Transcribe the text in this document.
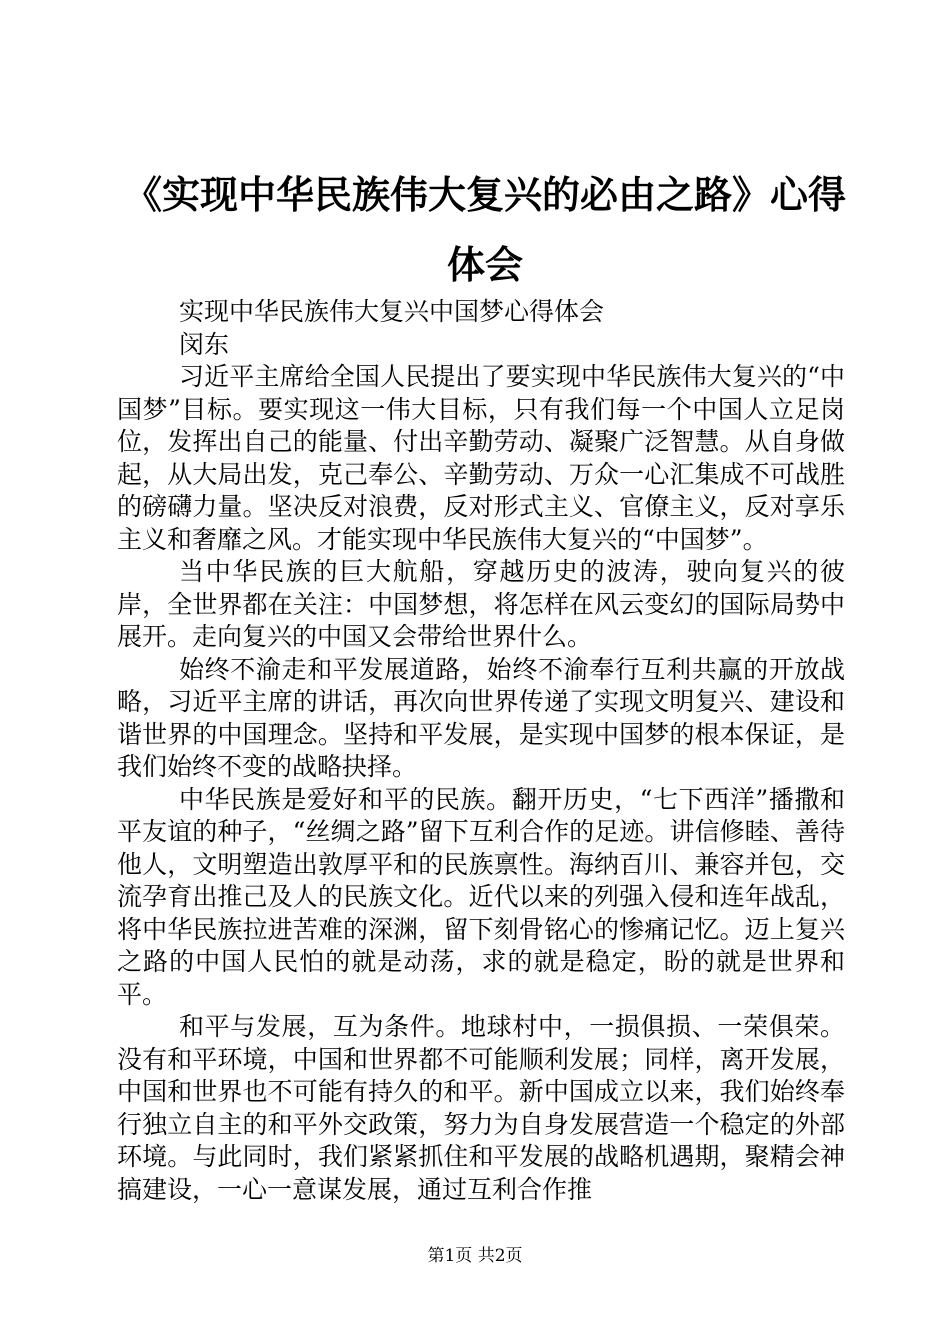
《实现中华民族伟大复兴的必由之路》心得体会

实现中华民族伟大复兴中国梦心得体会

闵东

习近平主席给全国人民提出了要实现中华民族伟大复兴的“中国梦”目标。要实现这一伟大目标，只有我们每一个中国人立足岗位，发挥出自己的能量、付出辛勤劳动、凝聚广泛智慧。从自身做起，从大局出发，克己奉公、辛勤劳动、万众一心汇集成不可战胜的磅礴力量。坚决反对浪费，反对形式主义、官僚主义，反对享乐主义和奢靡之风。才能实现中华民族伟大复兴的“中国梦”。

当中华民族的巨大航船，穿越历史的波涛，驶向复兴的彼岸，全世界都在关注：中国梦想，将怎样在风云变幻的国际局势中展开。走向复兴的中国又会带给世界什么。

始终不渝走和平发展道路，始终不渝奉行互利共赢的开放战略，习近平主席的讲话，再次向世界传递了实现文明复兴、建设和谐世界的中国理念。坚持和平发展，是实现中国梦的根本保证，是我们始终不变的战略抉择。

中华民族是爱好和平的民族。翻开历史，“七下西洋”播撒和平友谊的种子，“丝绸之路”留下互利合作的足迹。讲信修睦、善待他人，文明塑造出敦厚平和的民族禀性。海纳百川、兼容并包，交流孕育出推己及人的民族文化。近代以来的列强入侵和连年战乱，将中华民族拉进苦难的深渊，留下刻骨铭心的惨痛记忆。迈上复兴之路的中国人民怕的就是动荡，求的就是稳定，盼的就是世界和平。

和平与发展，互为条件。地球村中，一损俱损、一荣俱荣。没有和平环境，中国和世界都不可能顺利发展；同样，离开发展，中国和世界也不可能有持久的和平。新中国成立以来，我们始终奉行独立自主的和平外交政策，努力为自身发展营造一个稳定的外部环境。与此同时，我们紧紧抓住和平发展的战略机遇期，聚精会神搞建设，一心一意谋发展，通过互利合作推

第1页 共2页
